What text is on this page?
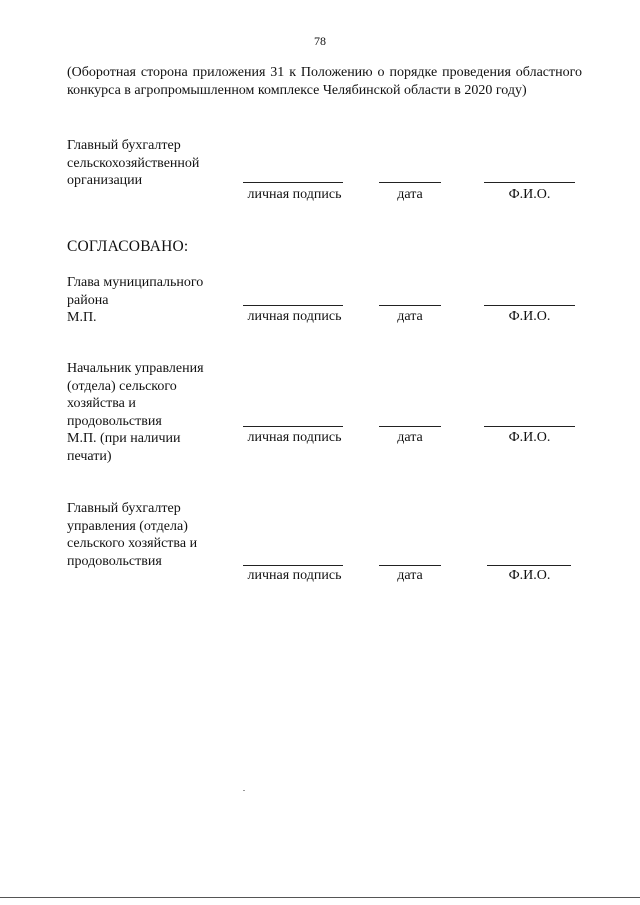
78
(Оборотная сторона приложения 31 к Положению о порядке проведения областного конкурса в агропромышленном комплексе Челябинской области в 2020 году)
Главный бухгалтер
сельскохозяйственной
организации
личная подпись	дата	Ф.И.О.
СОГЛАСОВАНО:
Глава муниципального
района
М.П.	личная подпись	дата	Ф.И.О.
Начальник управления
(отдела) сельского
хозяйства и
продовольствия
М.П. (при наличии
печати)
личная подпись	дата	Ф.И.О.
Главный бухгалтер
управления (отдела)
сельского хозяйства и
продовольствия
личная подпись	дата	Ф.И.О.
